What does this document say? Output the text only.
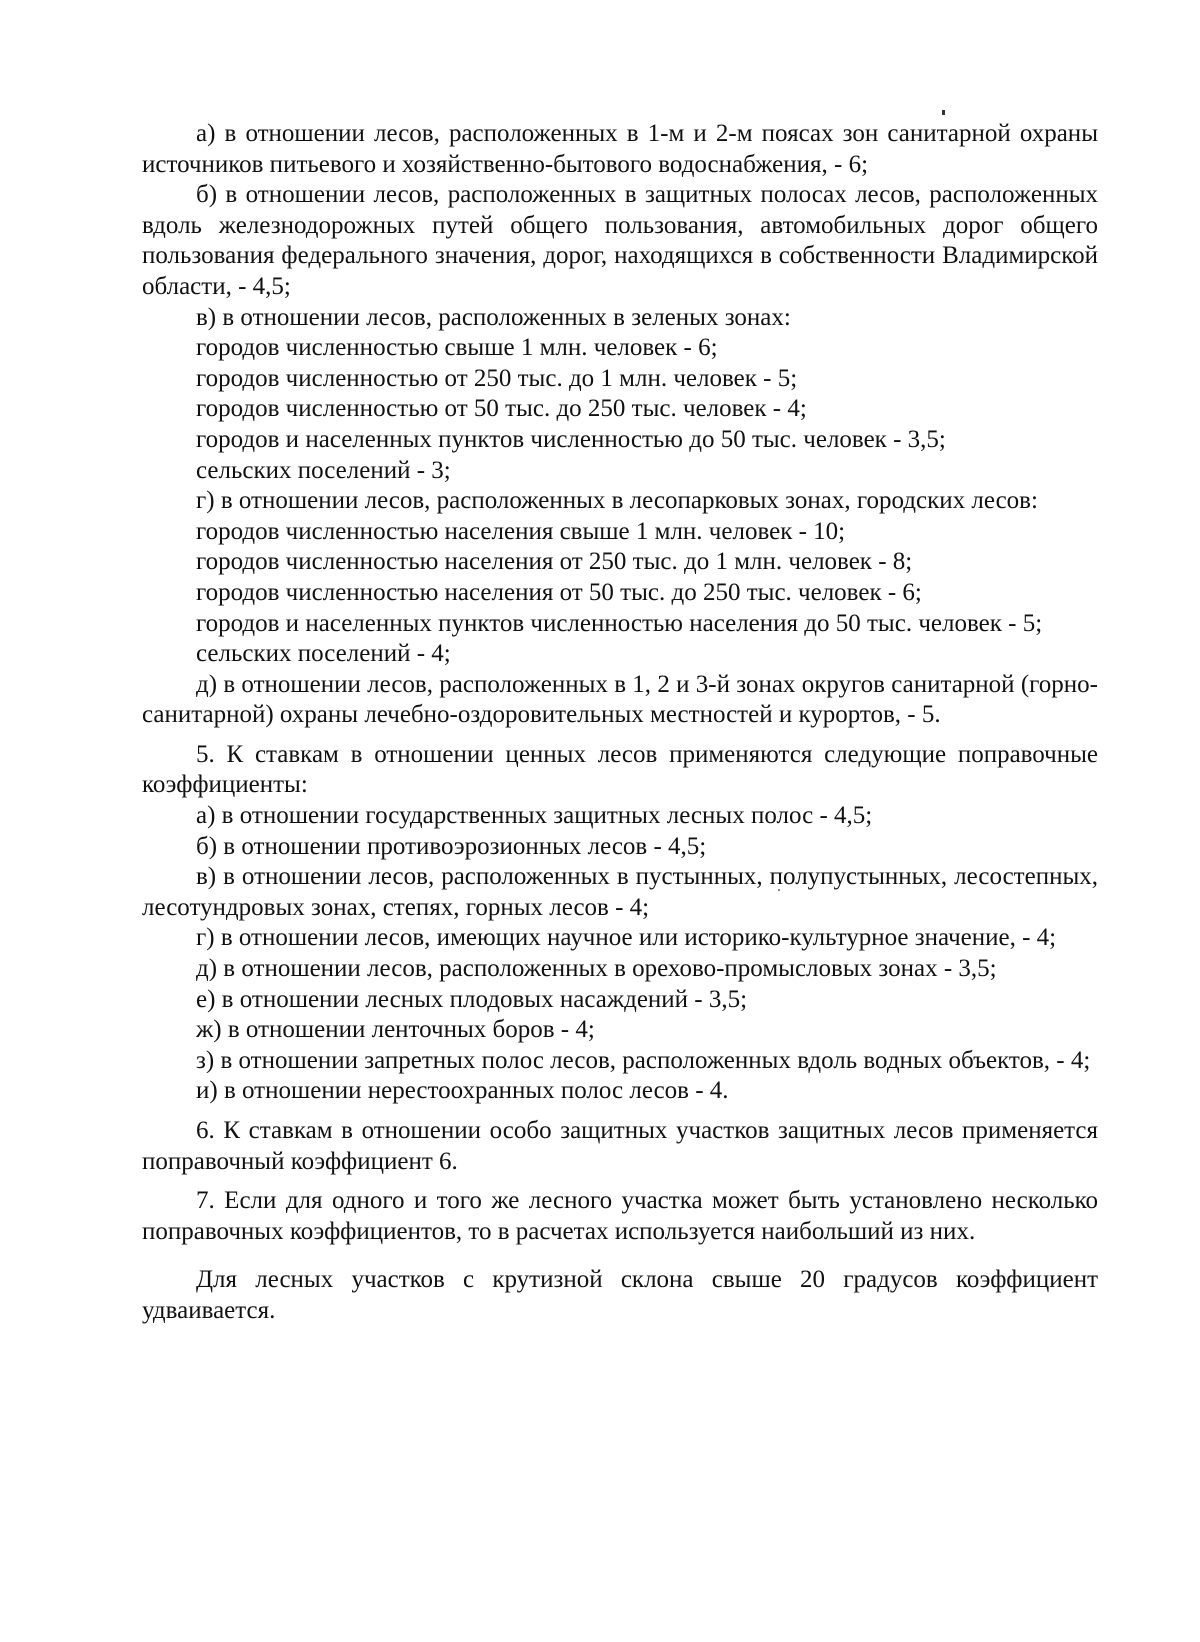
а) в отношении лесов, расположенных в 1-м и 2-м поясах зон санитарной охраны источников питьевого и хозяйственно-бытового водоснабжения, - 6;

б) в отношении лесов, расположенных в защитных полосах лесов, расположенных вдоль железнодорожных путей общего пользования, автомобильных дорог общего пользования федерального значения, дорог, находящихся в собственности Владимирской области, - 4,5;

в) в отношении лесов, расположенных в зеленых зонах:

городов численностью свыше 1 млн. человек - 6;

городов численностью от 250 тыс. до 1 млн. человек - 5;

городов численностью от 50 тыс. до 250 тыс. человек - 4;

городов и населенных пунктов численностью до 50 тыс. человек - 3,5;

сельских поселений - 3;

г) в отношении лесов, расположенных в лесопарковых зонах, городских лесов:

городов численностью населения свыше 1 млн. человек - 10;

городов численностью населения от 250 тыс. до 1 млн. человек - 8;

городов численностью населения от 50 тыс. до 250 тыс. человек - 6;

городов и населенных пунктов численностью населения до 50 тыс. человек - 5;

сельских поселений - 4;

д) в отношении лесов, расположенных в 1, 2 и 3-й зонах округов санитарной (горно-санитарной) охраны лечебно-оздоровительных местностей и курортов, - 5.

5. К ставкам в отношении ценных лесов применяются следующие поправочные коэффициенты:

а) в отношении государственных защитных лесных полос - 4,5;

б) в отношении противоэрозионных лесов - 4,5;

в) в отношении лесов, расположенных в пустынных, полупустынных, лесостепных, лесотундровых зонах, степях, горных лесов - 4;

г) в отношении лесов, имеющих научное или историко-культурное значение, - 4;

д) в отношении лесов, расположенных в орехово-промысловых зонах - 3,5;

е) в отношении лесных плодовых насаждений - 3,5;

ж) в отношении ленточных боров - 4;

з) в отношении запретных полос лесов, расположенных вдоль водных объектов, - 4;

и) в отношении нерестоохранных полос лесов - 4.

6. К ставкам в отношении особо защитных участков защитных лесов применяется поправочный коэффициент 6.

7. Если для одного и того же лесного участка может быть установлено несколько поправочных коэффициентов, то в расчетах используется наибольший из них.

Для лесных участков с крутизной склона свыше 20 градусов коэффициент удваивается.
